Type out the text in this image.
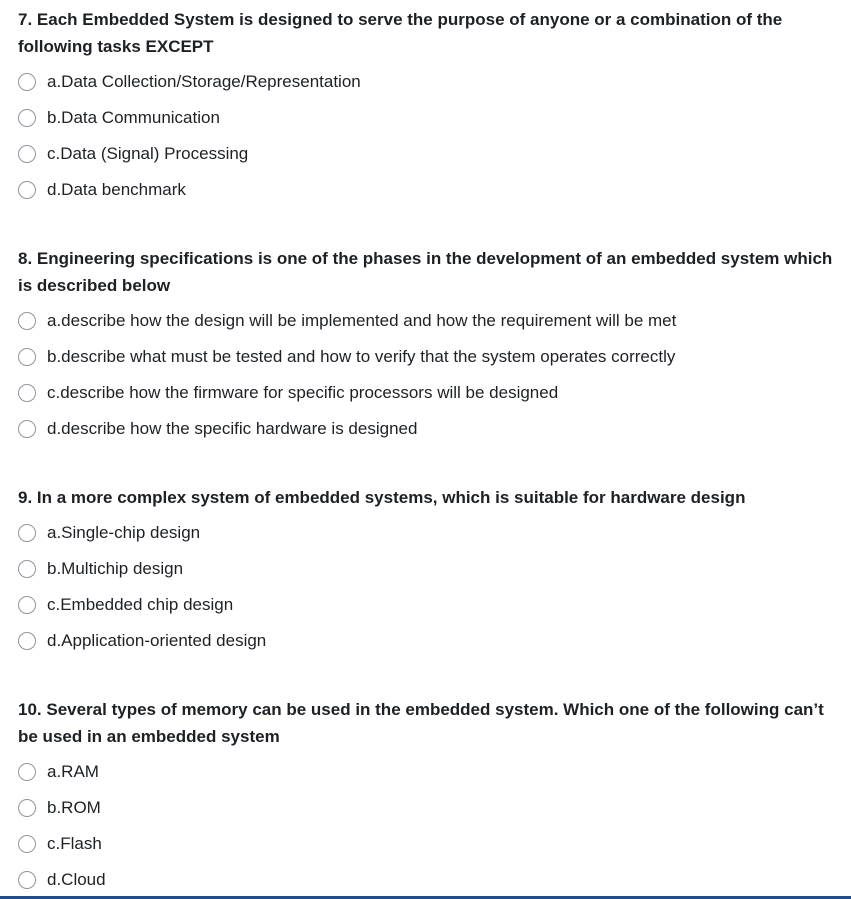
7. Each Embedded System is designed to serve the purpose of anyone or a combination of the following tasks EXCEPT
a.Data Collection/Storage/Representation
b.Data Communication
c.Data (Signal) Processing
d.Data benchmark
8. Engineering specifications is one of the phases in the development of an embedded system which is described below
a.describe how the design will be implemented and how the requirement will be met
b.describe what must be tested and how to verify that the system operates correctly
c.describe how the firmware for specific processors will be designed
d.describe how the specific hardware is designed
9. In a more complex system of embedded systems, which is suitable for hardware design
a.Single-chip design
b.Multichip design
c.Embedded chip design
d.Application-oriented design
10. Several types of memory can be used in the embedded system. Which one of the following can’t be used in an embedded system
a.RAM
b.ROM
c.Flash
d.Cloud
